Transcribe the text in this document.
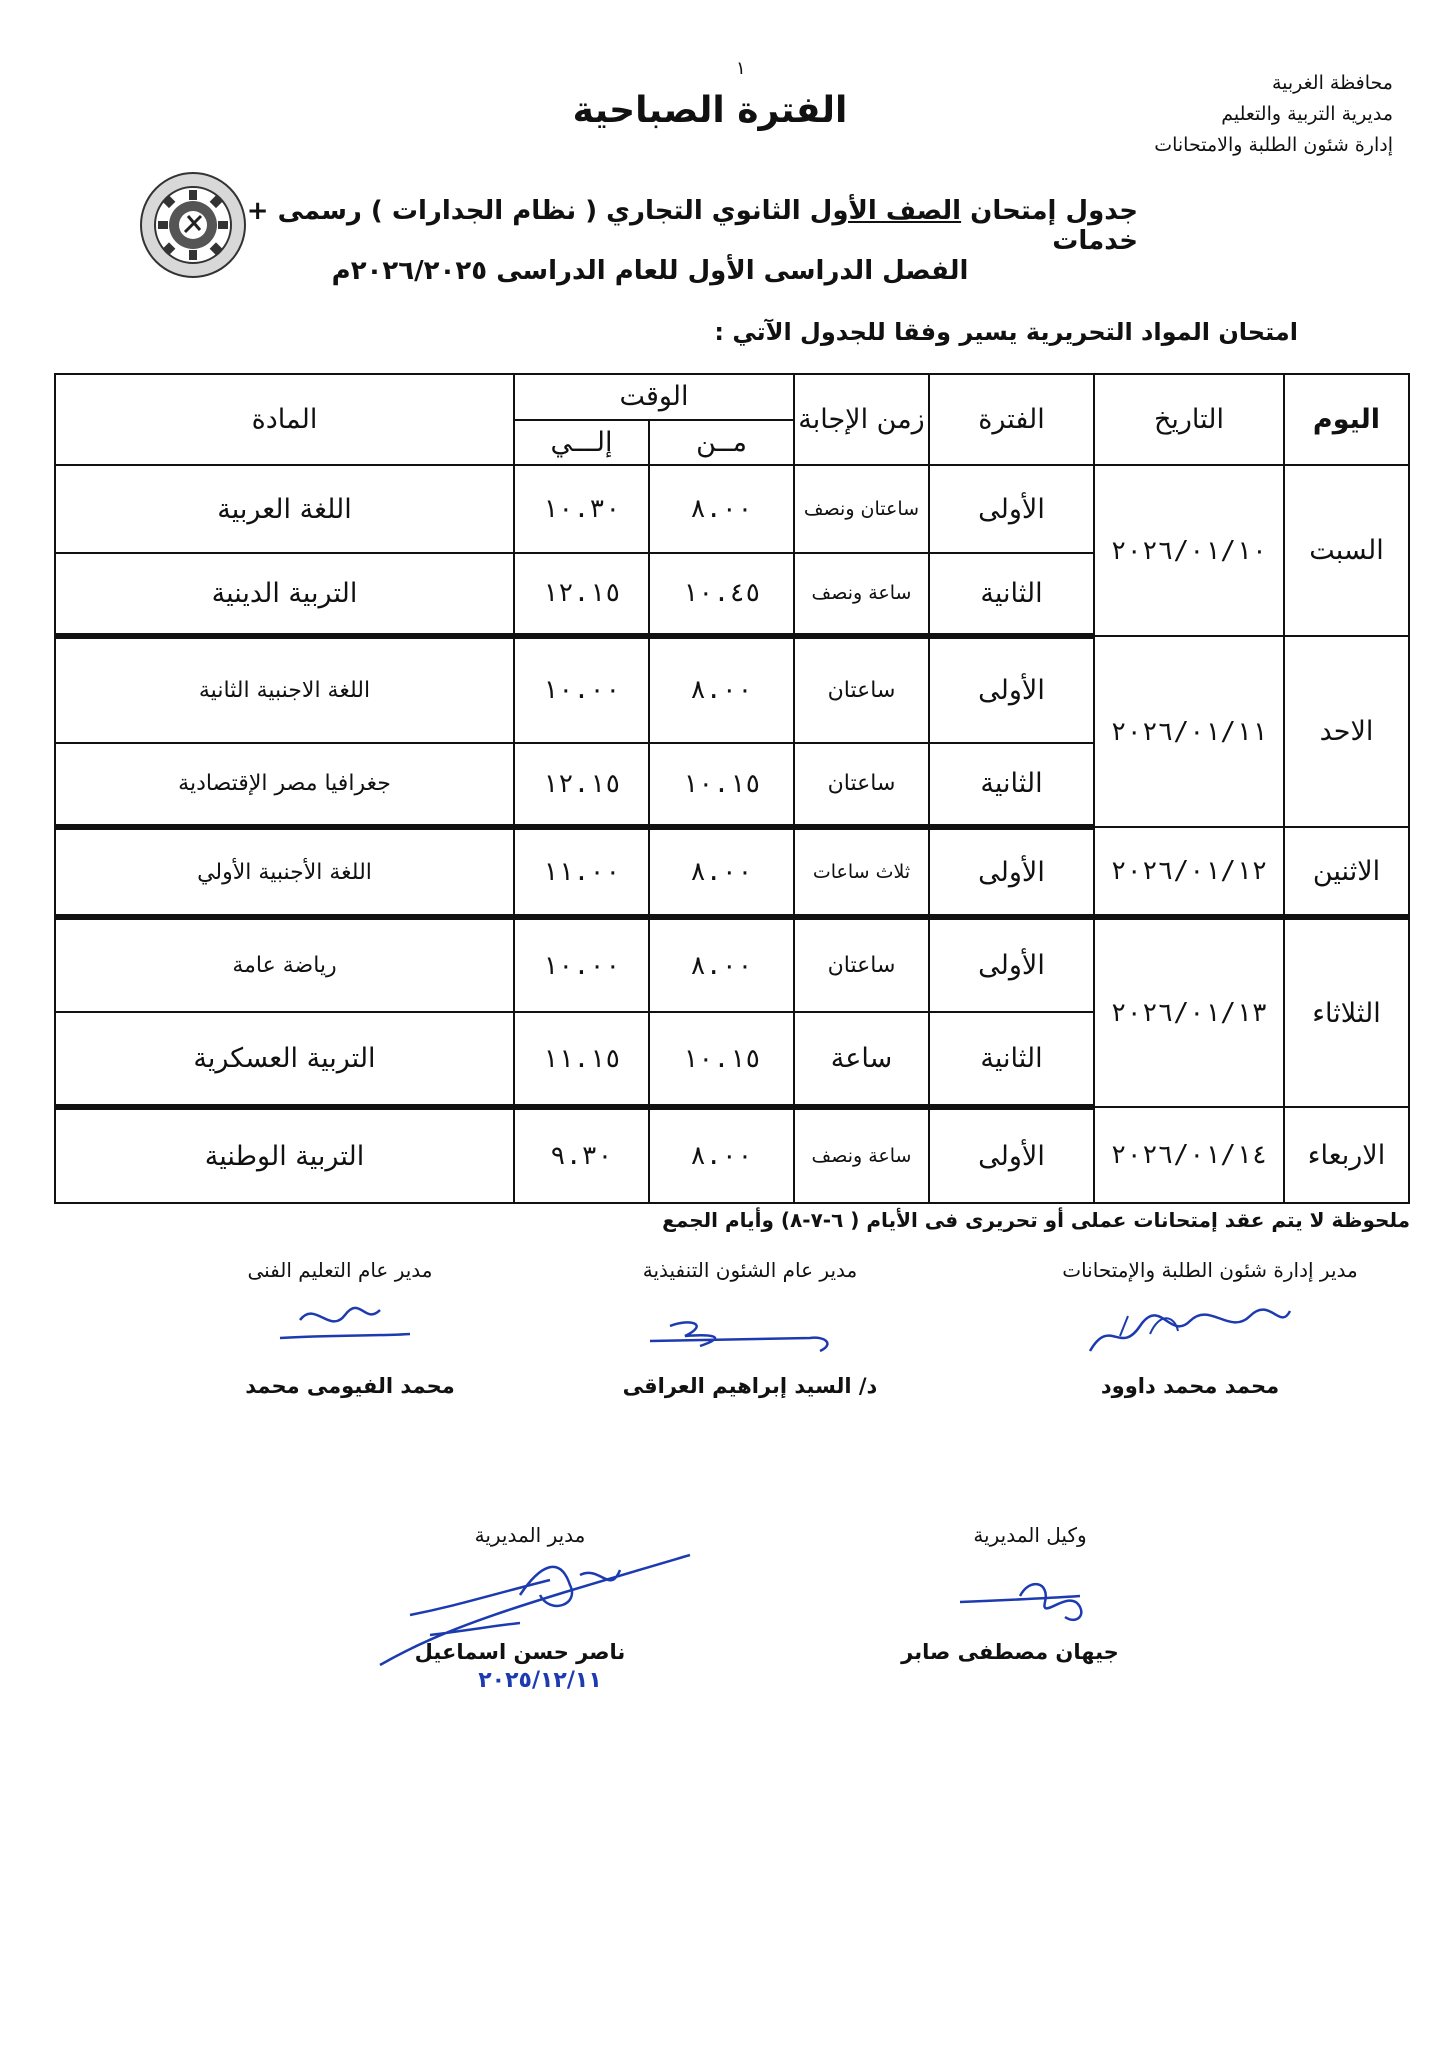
١
الفترة الصباحية
محافظة الغربية
مديرية التربية والتعليم
إدارة شئون الطلبة والامتحانات
جدول إمتحان الصف الأول الثانوي التجاري ( نظام الجدارات ) رسمى + خدمات
الفصل الدراسى الأول للعام الدراسى ٢٠٢٦/٢٠٢٥م
امتحان المواد التحريرية يسير وفقا للجدول الآتي :
اليوم	التاريخ	الفترة	زمن الإجابة	الوقت		المادة
				مــن	إلـــي	
السبت	٢٠٢٦/٠١/١٠	الأولى	ساعتان ونصف	٨.٠٠	١٠.٣٠	اللغة العربية
		الثانية	ساعة ونصف	١٠.٤٥	١٢.١٥	التربية الدينية
الاحد	٢٠٢٦/٠١/١١	الأولى	ساعتان	٨.٠٠	١٠.٠٠	اللغة الاجنبية الثانية
		الثانية	ساعتان	١٠.١٥	١٢.١٥	جغرافيا مصر الإقتصادية
الاثنين	٢٠٢٦/٠١/١٢	الأولى	ثلاث ساعات	٨.٠٠	١١.٠٠	اللغة الأجنبية الأولي
الثلاثاء	٢٠٢٦/٠١/١٣	الأولى	ساعتان	٨.٠٠	١٠.٠٠	رياضة عامة
		الثانية	ساعة	١٠.١٥	١١.١٥	التربية العسكرية
الاربعاء	٢٠٢٦/٠١/١٤	الأولى	ساعة ونصف	٨.٠٠	٩.٣٠	التربية الوطنية
ملحوظة لا يتم عقد إمتحانات عملى أو تحريرى فى الأيام ( ٦-٧-٨) وأيام الجمع
مدير إدارة شئون الطلبة والإمتحانات
مدير عام الشئون التنفيذية
مدير عام التعليم الفنى
محمد محمد داوود
د/ السيد إبراهيم العراقى
محمد الفيومى محمد
وكيل المديرية
مدير المديرية
جيهان مصطفى صابر
ناصر حسن اسماعيل
٢٠٢٥/١٢/١١
